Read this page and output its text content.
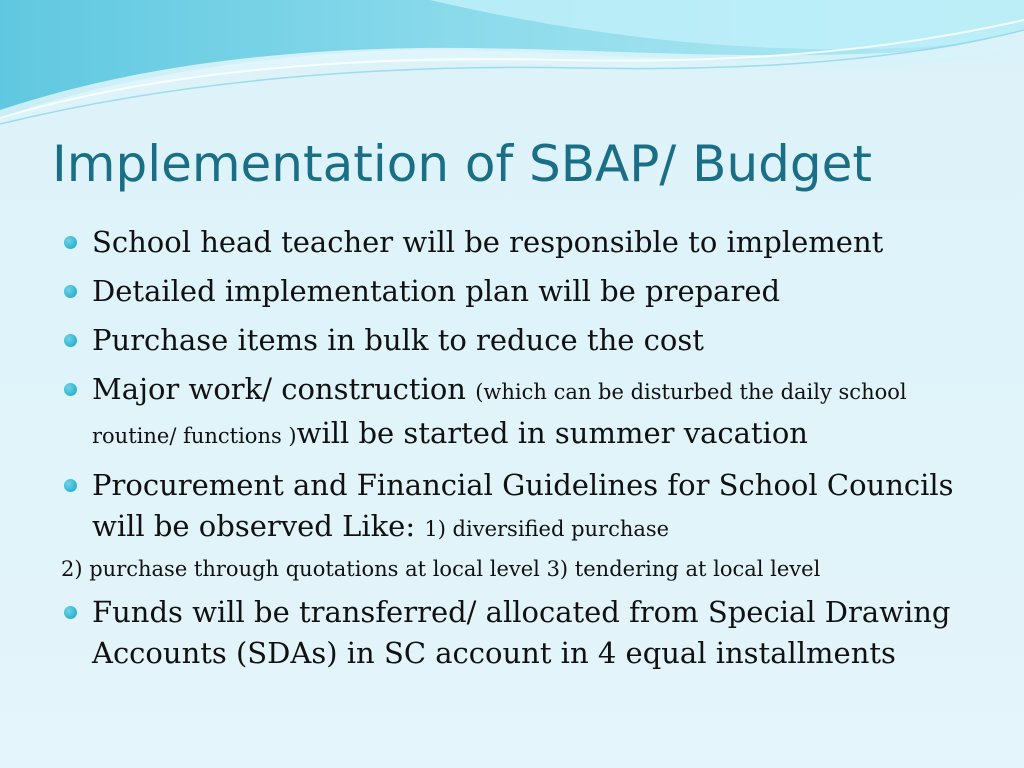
Implementation of SBAP/ Budget
School head teacher will be responsible to implement
Detailed implementation plan will be prepared
Purchase items in bulk to reduce the cost
Major work/ construction (which can be disturbed the daily school routine/ functions )will be started in summer vacation
Procurement and Financial Guidelines for School Councils will be observed Like: 1) diversified purchase
2) purchase through quotations at local level 3) tendering at local level
Funds will be transferred/ allocated from Special Drawing Accounts (SDAs) in SC account in 4 equal installments
